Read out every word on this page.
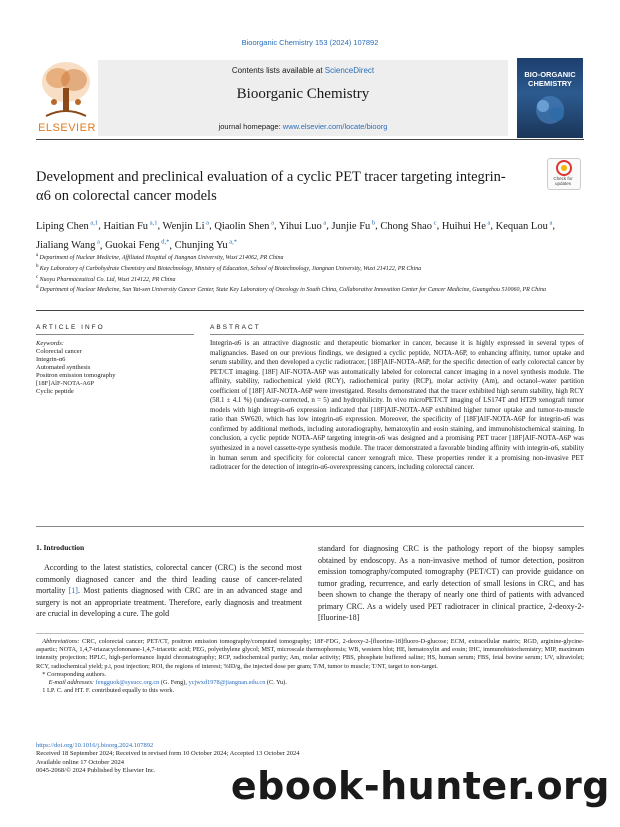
Bioorganic Chemistry 153 (2024) 107892
ELSEVIER
Contents lists available at ScienceDirect
Bioorganic Chemistry
journal homepage: www.elsevier.com/locate/bioorg
BIO-ORGANIC CHEMISTRY
Development and preclinical evaluation of a cyclic PET tracer targeting integrin-α6 on colorectal cancer models
Check for updates
Liping Chen $^{a,1}$, Haitian Fu $^{a,1}$, Wenjin Li $^a$, Qiaolin Shen $^a$, Yihui Luo $^a$, Junjie Fu $^b$, Chong Shao $^c$, Huihui He $^a$, Kequan Lou $^a$, Jialiang Wang $^a$, Guokai Feng $^{d,*}$, Chunjing Yu $^{a,*}$
$^a$ Department of Nuclear Medicine, Affiliated Hospital of Jiangnan University, Wuxi 214062, PR China
$^b$ Key Laboratory of Carbohydrate Chemistry and Biotechnology, Ministry of Education, School of Biotechnology, Jiangnan University, Wuxi 214122, PR China
$^c$ Nuoyu Pharmaceutical Co. Ltd, Wuxi 214122, PR China
$^d$ Department of Nuclear Medicine, Sun Yat-sen University Cancer Center, State Key Laboratory of Oncology in South China, Collaborative Innovation Center for Cancer Medicine, Guangzhou 510060, PR China
ARTICLE INFO
Keywords:
Colorectal cancer
Integrin-α6
Automated synthesis
Positron emission tomography
[18F]AlF-NOTA-A6P
Cyclic peptide
ABSTRACT
Integrin-α6 is an attractive diagnostic and therapeutic biomarker in cancer, because it is highly expressed in several types of malignancies. Based on our previous findings, we designed a cyclic peptide, NOTA-A6P, to enhancing affinity, tumor uptake and serum stability, and then developed a cyclic radiotracer, [18F]AlF-NOTA-A6P, for the specific detection of early colorectal cancer by PET/CT imaging. [18F] AlF-NOTA-A6P was automatically labeled for colorectal cancer imaging in a novel synthesis module. The affinity, stability, radiochemical yield (RCY), radiochemical purity (RCP), molar activity (Am), and octanol–water partition coefficient of [18F] AlF-NOTA-A6P were investigated. Results demonstrated that the tracer exhibited high serum stability, high RCY (58.1 ± 4.1 %) (undecay-corrected, n = 5) and hydrophilicity. In vivo microPET/CT imaging of LS174T and HT29 xenograft tumor models with high integrin-α6 expression indicated that [18F]AlF-NOTA-A6P exhibited higher tumor uptake and tumor-to-muscle ratio than SW620, which has low integrin-α6 expression. Moreover, the specificity of [18F]AlF-NOTA-A6P for integrin-α6 was confirmed by additional methods, including autoradiography, hematoxylin and eosin staining, and immunohistochemical staining. In conclusion, a cyclic peptide NOTA-A6P targeting integrin-α6 was designed and a promising PET tracer [18F]AlF-NOTA-A6P was synthesized in a novel cassette-type synthesis module. The tracer demonstrated a favorable binding affinity with integrin-α6, stability in human serum and specificity for colorectal cancer xenograft mice. These properties render it a promising non-invasive PET radiotracer for the detection of integrin-α6-overexpressing cancers, including colorectal cancer.
1. Introduction
 According to the latest statistics, colorectal cancer (CRC) is the second most commonly diagnosed cancer and the third leading cause of cancer-related mortality [1]. Most patients diagnosed with CRC are in an advanced stage and surgery is not an appropriate treatment. Therefore, early diagnosis and treatment are crucial in developing a cure. The gold
standard for diagnosing CRC is the pathology report of the biopsy samples obtained by endoscopy. As a non-invasive method of tumor detection, positron emission tomography/computed tomography (PET/CT) can provide guidance on tumor grading, recurrence, and early detection of small lesions in CRC, and has been shown to change the therapy of nearly one third of patients with advanced primary CRC. As a widely used PET radiotracer in clinical practice, 2-deoxy-2-[fluorine-18]
 Abbreviations: CRC, colorectal cancer; PET/CT, positron emission tomography/computed tomography; 18F-FDG, 2-deoxy-2-[fluorine-18]fluoro-D-glucose; ECM, extracellular matrix; RGD, arginine-glycine-aspartic; NOTA, 1,4,7-triazacyclononane-1,4,7-triacetic acid; PEG, polyethylene glycol; MST, microscale thermophoresis; WB, western blot; HE, hematoxylin and eosin; IHC, immunohistochemistry; MIP, maximum intensity projection; HPLC, high-performance liquid chromatography; RCP, radiochemical purity; Am, molar activity; PBS, phosphate buffered saline; HS, human serum; FBS, fetal bovine serum; UV, ultraviolet; RCY, radiochemical yield; p.i, post injection; ROI, the regions of interest; %ID/g, the injected dose per gram; T/M, tumor to muscle; T/NT, target to non-target.
 * Corresponding authors.
  E-mail addresses: fengguok@sysucc.org.cn (G. Feng), ycjwxd1978@jiangnan.edu.cn (C. Yu).
 1 LP. C. and HT. F. contributed equally to this work.
https://doi.org/10.1016/j.bioorg.2024.107892
Received 18 September 2024; Received in revised form 10 October 2024; Accepted 13 October 2024
Available online 17 October 2024
0045-2068/© 2024 Published by Elsevier Inc.	ebook-hunter.org
